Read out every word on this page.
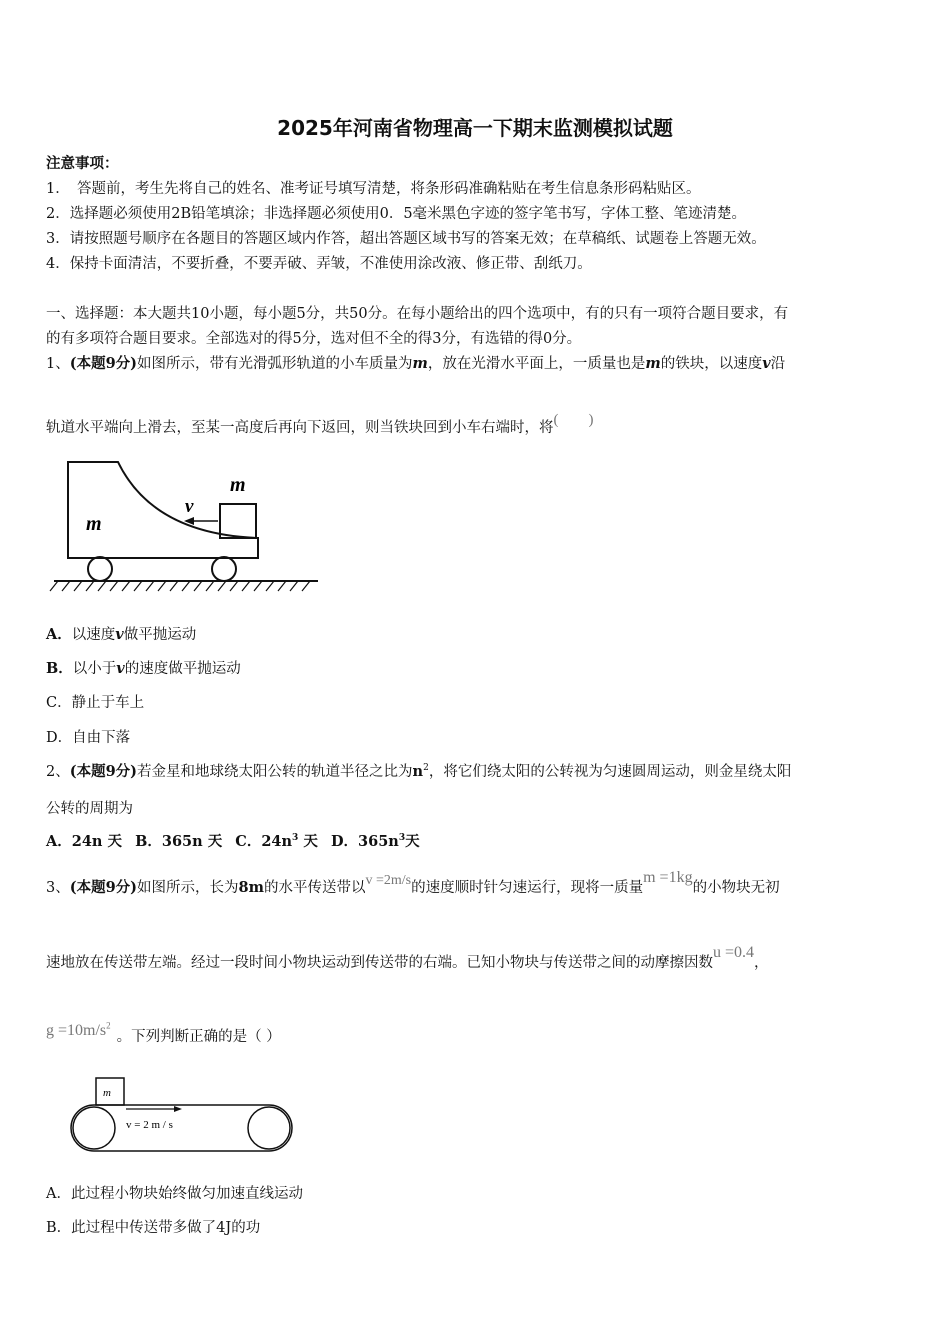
2025年河南省物理高一下期末监测模拟试题
注意事项：
1．　答题前，考生先将自己的姓名、准考证号填写清楚，将条形码准确粘贴在考生信息条形码粘贴区。
2．选择题必须使用2B铅笔填涂；非选择题必须使用0．5毫米黑色字迹的签字笔书写，字体工整、笔迹清楚。
3．请按照题号顺序在各题目的答题区域内作答，超出答题区域书写的答案无效；在草稿纸、试题卷上答题无效。
4．保持卡面清洁，不要折叠，不要弄破、弄皱，不准使用涂改液、修正带、刮纸刀。
一、选择题：本大题共10小题，每小题5分，共50分。在每小题给出的四个选项中，有的只有一项符合题目要求，有
的有多项符合题目要求。全部选对的得5分，选对但不全的得3分，有选错的得0分。
1、(本题9分)如图所示，带有光滑弧形轨道的小车质量为m，放在光滑水平面上，一质量也是m的铁块，以速度v沿
轨道水平端向上滑去，至某一高度后再向下返回，则当铁块回到小车右端时，将(　　)
m
v
m
A．以速度v做平抛运动
B．以小于v的速度做平抛运动
C．静止于车上
D．自由下落
2、(本题9分)若金星和地球绕太阳公转的轨道半径之比为$n^2$，将它们绕太阳的公转视为匀速圆周运动，则金星绕太阳
公转的周期为
A．24n 天 B．365n 天 C．$24n^3$ 天 D．$365n^3$天
3、(本题9分)如图所示，长为8m的水平传送带以v =2m/s的速度顺时针匀速运行，现将一质量m =1kg的小物块无初
速地放在传送带左端。经过一段时间小物块运动到传送带的右端。已知小物块与传送带之间的动摩擦因数u =0.4，
$g =10m/s^2$。下列判断正确的是（ ）
m
v = 2 m / s
A．此过程小物块始终做匀加速直线运动
B．此过程中传送带多做了4J的功
